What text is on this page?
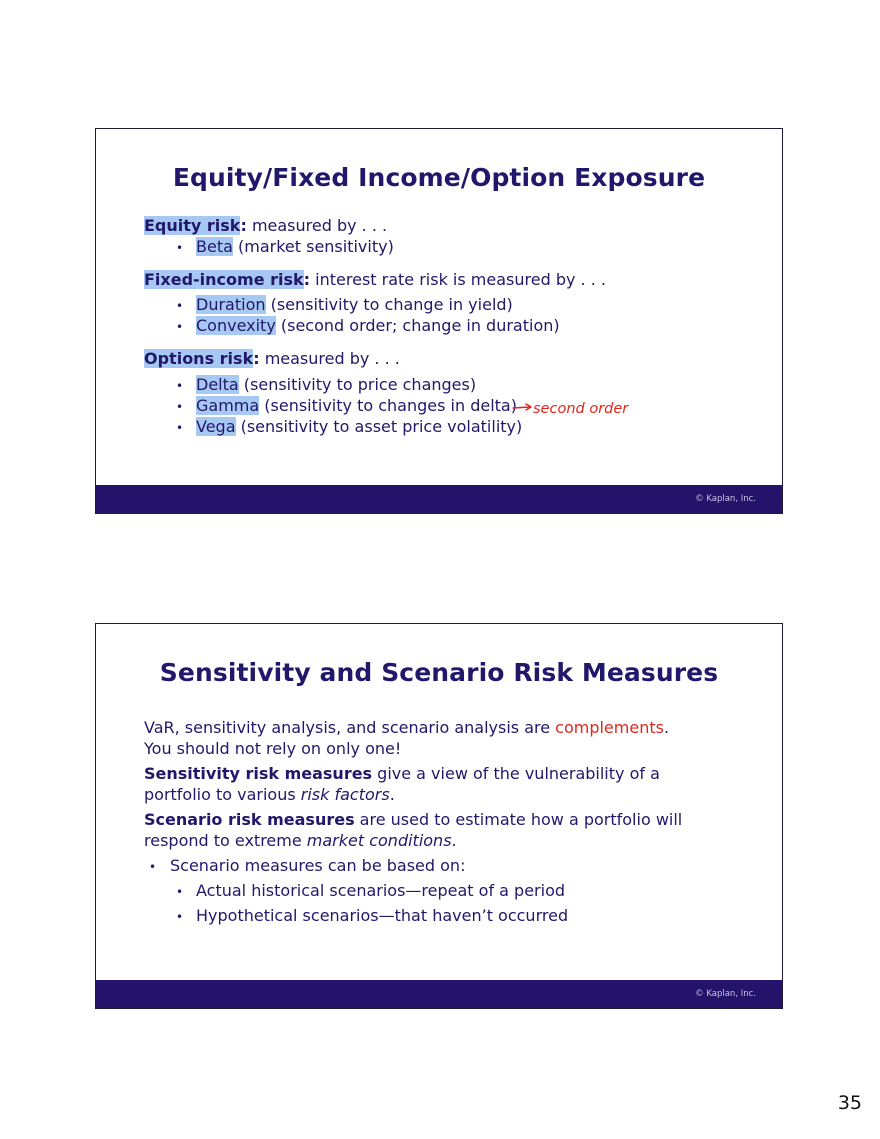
Equity/Fixed Income/Option Exposure
Equity risk: measured by . . .
• Beta (market sensitivity)
Fixed-income risk: interest rate risk is measured by . . .
• Duration (sensitivity to change in yield)
• Convexity (second order; change in duration)
Options risk: measured by . . .
• Delta (sensitivity to price changes)
• Gamma (sensitivity to changes in delta)
• Vega (sensitivity to asset price volatility)
second order
© Kaplan, Inc.
Sensitivity and Scenario Risk Measures
VaR, sensitivity analysis, and scenario analysis are complements.
You should not rely on only one!
Sensitivity risk measures give a view of the vulnerability of a
portfolio to various risk factors.
Scenario risk measures are used to estimate how a portfolio will
respond to extreme market conditions.
• Scenario measures can be based on:
• Actual historical scenarios—repeat of a period
• Hypothetical scenarios—that haven’t occurred
© Kaplan, Inc.
35
